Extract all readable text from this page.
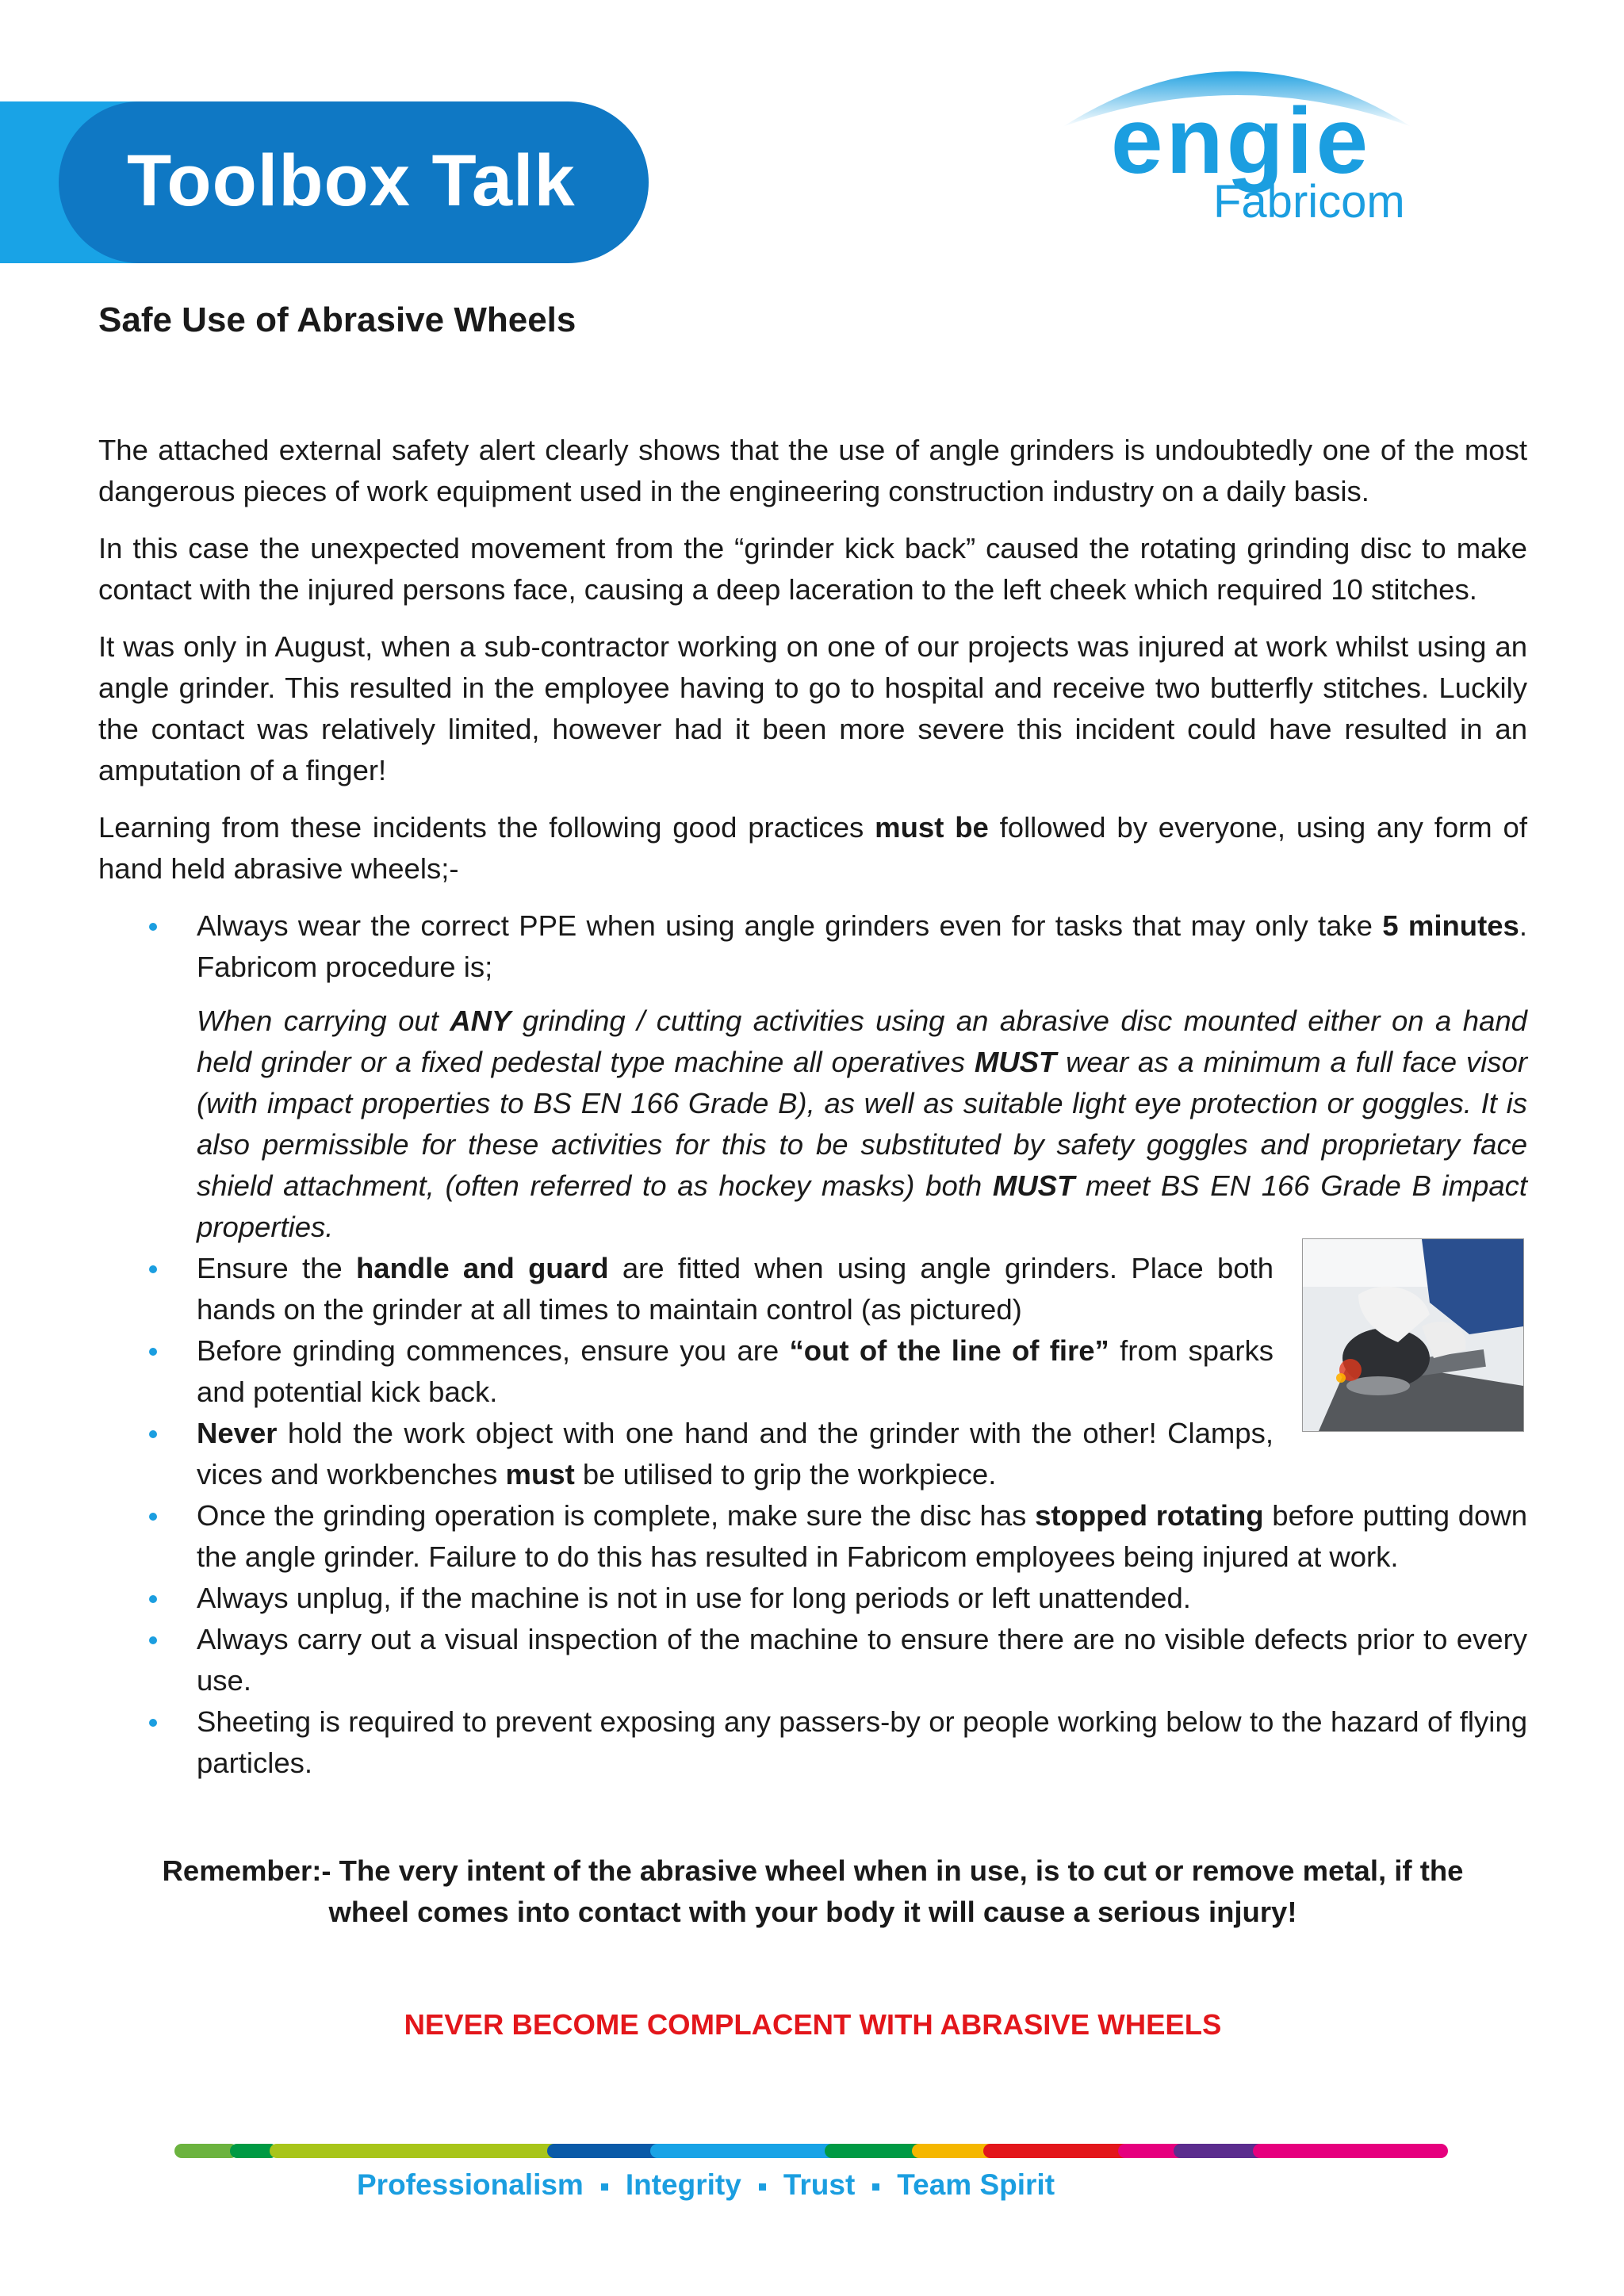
Toolbox Talk	engie
Fabricom
Safe Use of Abrasive Wheels

The attached external safety alert clearly shows that the use of angle grinders is undoubtedly one of the most dangerous pieces of work equipment used in the engineering construction industry on a daily basis.

In this case the unexpected movement from the “grinder kick back” caused the rotating grinding disc to make contact with the injured persons face, causing a deep laceration to the left cheek which required 10 stitches.

It was only in August, when a sub-contractor working on one of our projects was injured at work whilst using an angle grinder. This resulted in the employee having to go to hospital and receive two butterfly stitches. Luckily the contact was relatively limited, however had it been more severe this incident could have resulted in an amputation of a finger!

Learning from these incidents the following good practices must be followed by everyone, using any form of hand held abrasive wheels;-

Always wear the correct PPE when using angle grinders even for tasks that may only take 5 minutes. Fabricom procedure is;
When carrying out ANY grinding / cutting activities using an abrasive disc mounted either on a hand held grinder or a fixed pedestal type machine all operatives MUST wear as a minimum a full face visor (with impact properties to BS EN 166 Grade B), as well as suitable light eye protection or goggles. It is also permissible for these activities for this to be substituted by safety goggles and proprietary face shield attachment, (often referred to as hockey masks) both MUST meet BS EN 166 Grade B impact properties.
Ensure the handle and guard are fitted when using angle grinders. Place both hands on the grinder at all times to maintain control (as pictured)
Before grinding commences, ensure you are “out of the line of fire” from sparks and potential kick back.
Never hold the work object with one hand and the grinder with the other! Clamps, vices and workbenches must be utilised to grip the workpiece.
Once the grinding operation is complete, make sure the disc has stopped rotating before putting down the angle grinder. Failure to do this has resulted in Fabricom employees being injured at work.
Always unplug, if the machine is not in use for long periods or left unattended.
Always carry out a visual inspection of the machine to ensure there are no visible defects prior to every use.
Sheeting is required to prevent exposing any passers-by or people working below to the hazard of flying particles.
Remember:- The very intent of the abrasive wheel when in use, is to cut or remove metal, if the
wheel comes into contact with your body it will cause a serious injury!
NEVER BECOME COMPLACENT WITH ABRASIVE WHEELS
Professionalism Integrity Trust Team Spirit
